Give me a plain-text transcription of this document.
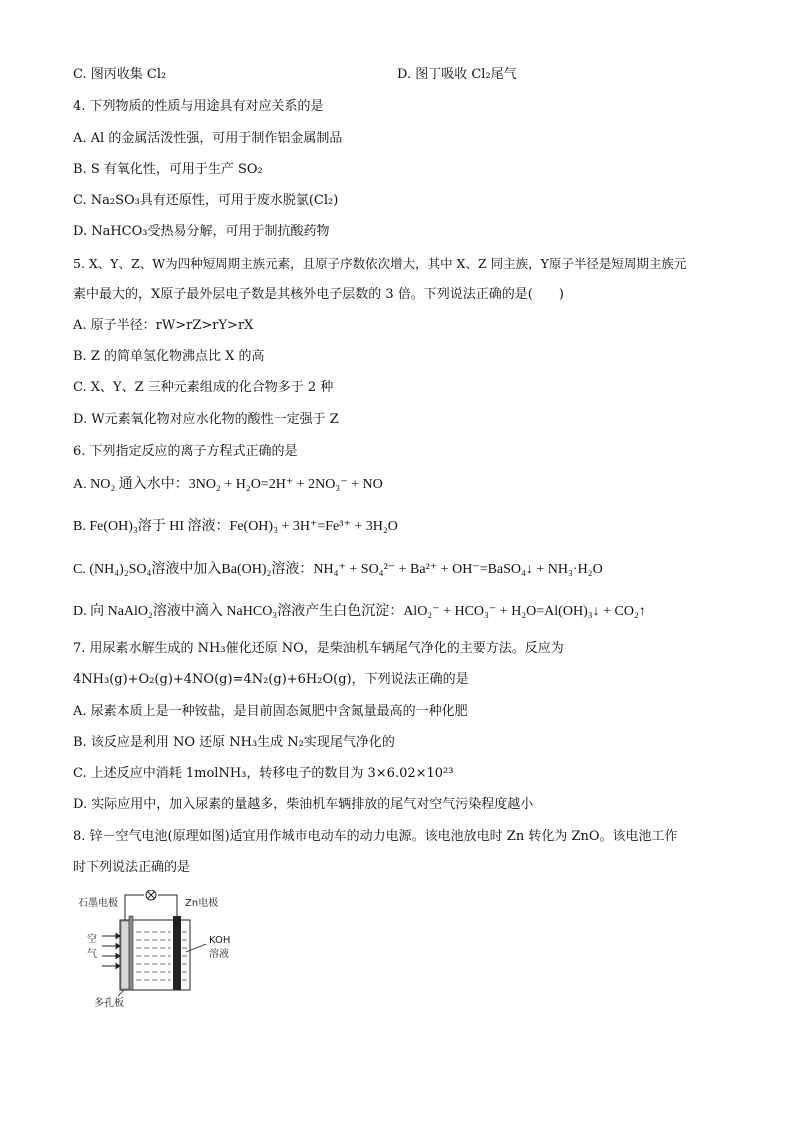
C. 图丙收集 Cl₂	D. 图丁吸收 Cl₂尾气
4. 下列物质的性质与用途具有对应关系的是
A. Al 的金属活泼性强，可用于制作铝金属制品
B. S 有氧化性，可用于生产 SO₂
C. Na₂SO₃具有还原性，可用于废水脱氯(Cl₂)
D. NaHCO₃受热易分解，可用于制抗酸药物
5. X、Y、Z、W为四种短周期主族元素，且原子序数依次增大，其中 X、Z 同主族，Y原子半径是短周期主族元
素中最大的，X原子最外层电子数是其核外电子层数的 3 倍。下列说法正确的是(　　)
A. 原子半径：rW>rZ>rY>rX
B. Z 的简单氢化物沸点比 X 的高
C. X、Y、Z 三种元素组成的化合物多于 2 种
D. W元素氧化物对应水化物的酸性一定强于 Z
6. 下列指定反应的离子方程式正确的是
A. NO₂ 通入水中：3NO₂ + H₂O=2H⁺ + 2NO₃⁻ + NO
B. Fe(OH)₃溶于 HI 溶液：Fe(OH)₃ + 3H⁺=Fe³⁺ + 3H₂O
C. (NH₄)₂SO₄溶液中加入Ba(OH)₂溶液：NH₄⁺ + SO₄²⁻ + Ba²⁺ + OH⁻=BaSO₄↓ + NH₃·H₂O
D. 向 NaAlO₂溶液中滴入 NaHCO₃溶液产生白色沉淀：AlO₂⁻ + HCO₃⁻ + H₂O=Al(OH)₃↓ + CO₂↑
7. 用尿素水解生成的 NH₃催化还原 NO，是柴油机车辆尾气净化的主要方法。反应为
4NH₃(g)+O₂(g)+4NO(g)=4N₂(g)+6H₂O(g)，下列说法正确的是
A. 尿素本质上是一种铵盐，是目前固态氮肥中含氮量最高的一种化肥
B. 该反应是利用 NO 还原 NH₃生成 N₂实现尾气净化的
C. 上述反应中消耗 1molNH₃，转移电子的数目为 3×6.02×10²³
D. 实际应用中，加入尿素的量越多，柴油机车辆排放的尾气对空气污染程度越小
8. 锌－空气电池(原理如图)适宜用作城市电动车的动力电源。该电池放电时 Zn 转化为 ZnO。该电池工作
时下列说法正确的是
石墨电极	Zn电极
空
气
KOH
溶液
多孔板
